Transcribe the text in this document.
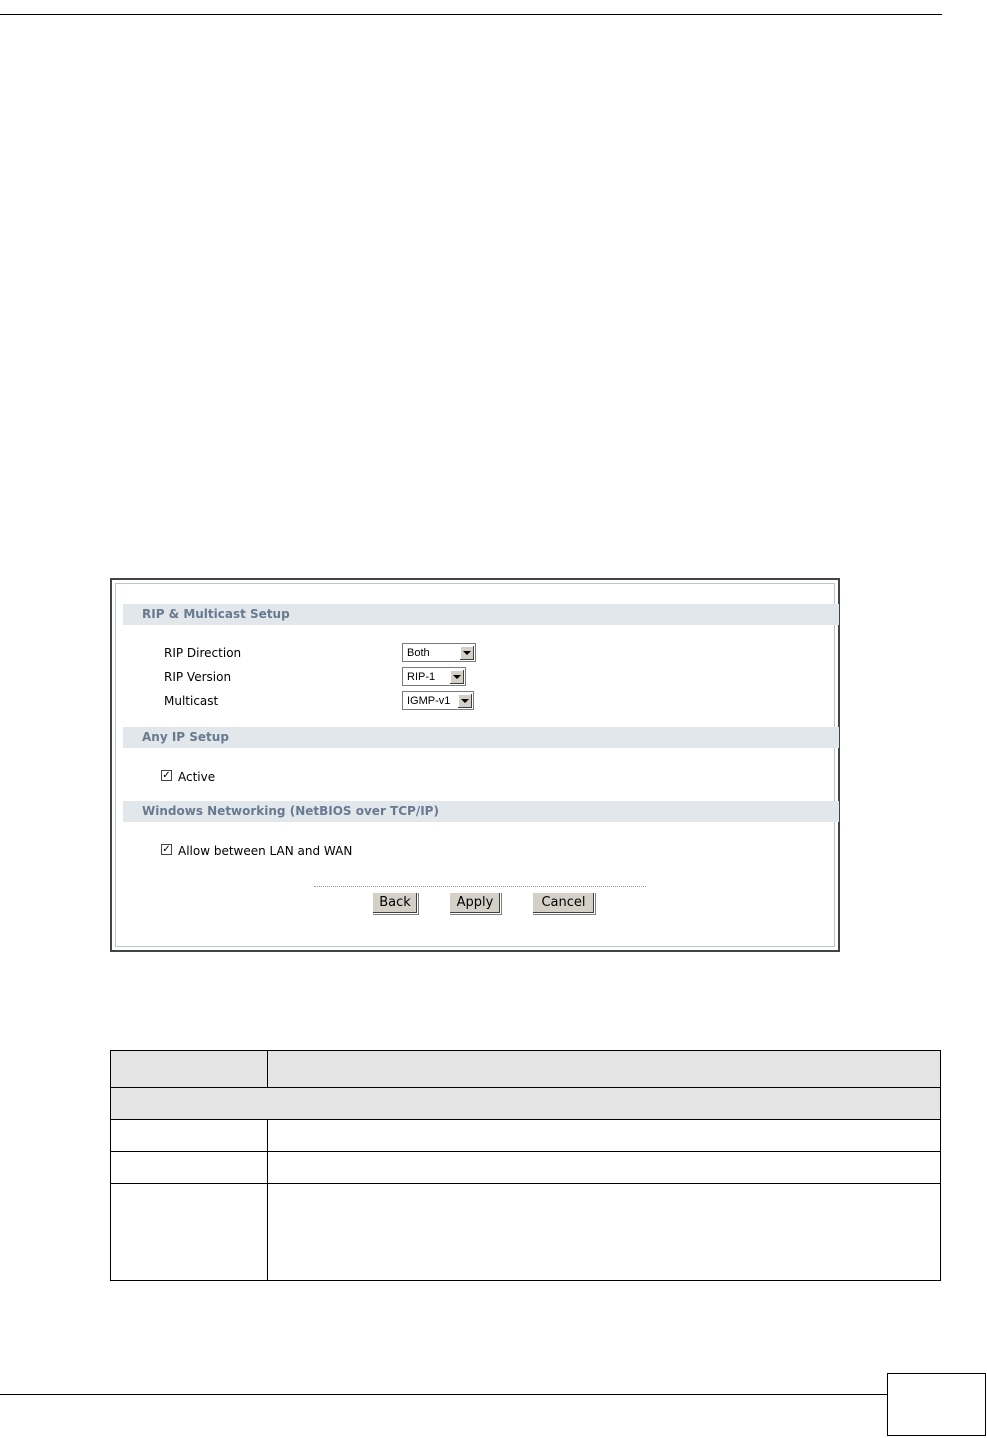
RIP & Multicast Setup
RIP Direction	Both
RIP Version	RIP-1
Multicast	IGMP-v1
Any IP Setup
✓ Active
Windows Networking (NetBIOS over TCP/IP)
✓ Allow between LAN and WAN
Back	Apply	Cancel
